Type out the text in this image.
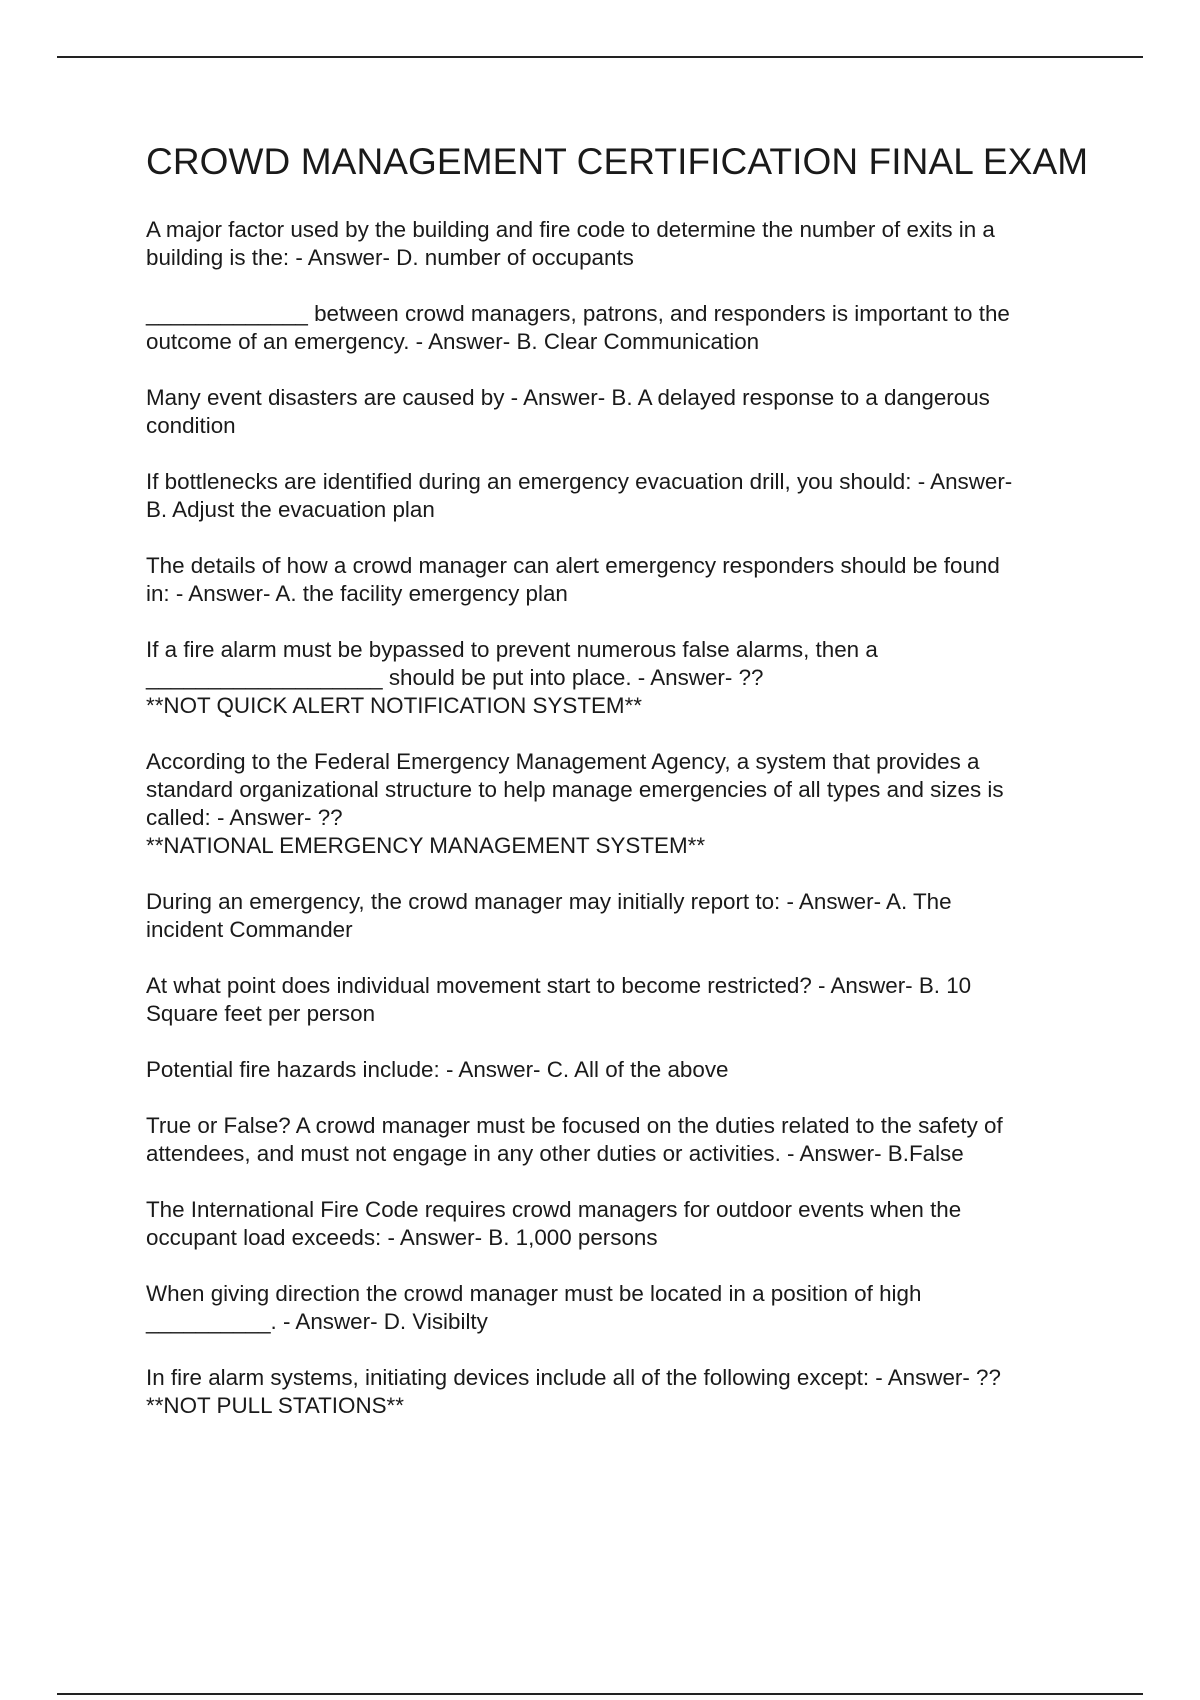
CROWD MANAGEMENT CERTIFICATION FINAL EXAM
A major factor used by the building and fire code to determine the number of exits in a
building is the: - Answer- D. number of occupants
_____________ between crowd managers, patrons, and responders is important to the
outcome of an emergency. - Answer- B. Clear Communication
Many event disasters are caused by - Answer- B. A delayed response to a dangerous
condition
If bottlenecks are identified during an emergency evacuation drill, you should: - Answer-
B. Adjust the evacuation plan
The details of how a crowd manager can alert emergency responders should be found
in: - Answer- A. the facility emergency plan
If a fire alarm must be bypassed to prevent numerous false alarms, then a
___________________ should be put into place. - Answer- ??
**NOT QUICK ALERT NOTIFICATION SYSTEM**
According to the Federal Emergency Management Agency, a system that provides a
standard organizational structure to help manage emergencies of all types and sizes is
called: - Answer- ??
**NATIONAL EMERGENCY MANAGEMENT SYSTEM**
During an emergency, the crowd manager may initially report to: - Answer- A. The
incident Commander
At what point does individual movement start to become restricted? - Answer- B. 10
Square feet per person
Potential fire hazards include: - Answer- C. All of the above
True or False? A crowd manager must be focused on the duties related to the safety of
attendees, and must not engage in any other duties or activities. - Answer- B.False
The International Fire Code requires crowd managers for outdoor events when the
occupant load exceeds: - Answer- B. 1,000 persons
When giving direction the crowd manager must be located in a position of high
__________. - Answer- D. Visibilty
In fire alarm systems, initiating devices include all of the following except: - Answer- ??
**NOT PULL STATIONS**
